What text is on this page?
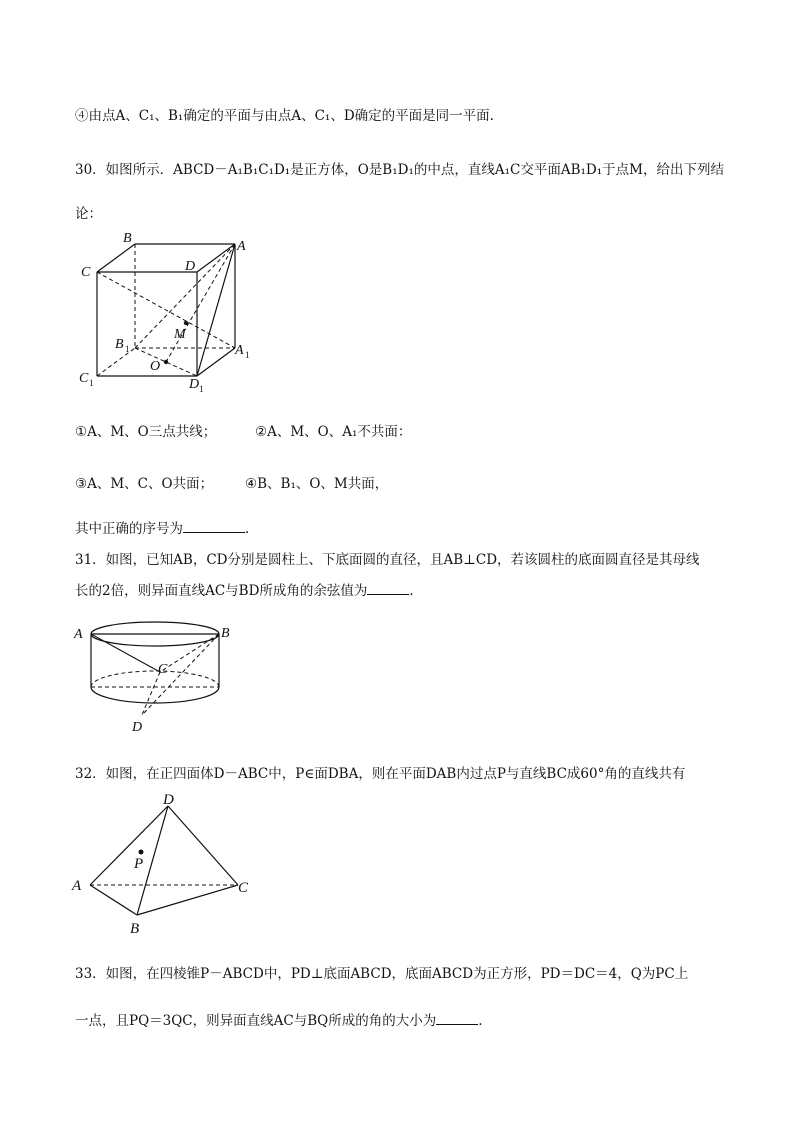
④由点A、C₁、B₁确定的平面与由点A、C₁、D确定的平面是同一平面.
30．如图所示．ABCD－A₁B₁C₁D₁是正方体，O是B₁D₁的中点，直线A₁C交平面AB₁D₁于点M，给出下列结
论：
B
A
C	D
M
O
B 1	A 1
C 1	D 1
①A、M、O三点共线；	②A、M、O、A₁不共面：
③A、M、C、O共面； ④B、B₁、O、M共面，
其中正确的序号为	.
31．如图，已知AB，CD分别是圆柱上、下底面圆的直径，且AB⊥CD，若该圆柱的底面圆直径是其母线
长的2倍，则异面直线AC与BD所成角的余弦值为	.
A	B
C
D
32．如图，在正四面体D－ABC中，P∈面DBA，则在平面DAB内过点P与直线BC成60°角的直线共有
D
P
A	C
B
33．如图，在四棱锥P－ABCD中，PD⊥底面ABCD，底面ABCD为正方形，PD＝DC＝4，Q为PC上
一点，且PQ＝3QC，则异面直线AC与BQ所成的角的大小为	.
